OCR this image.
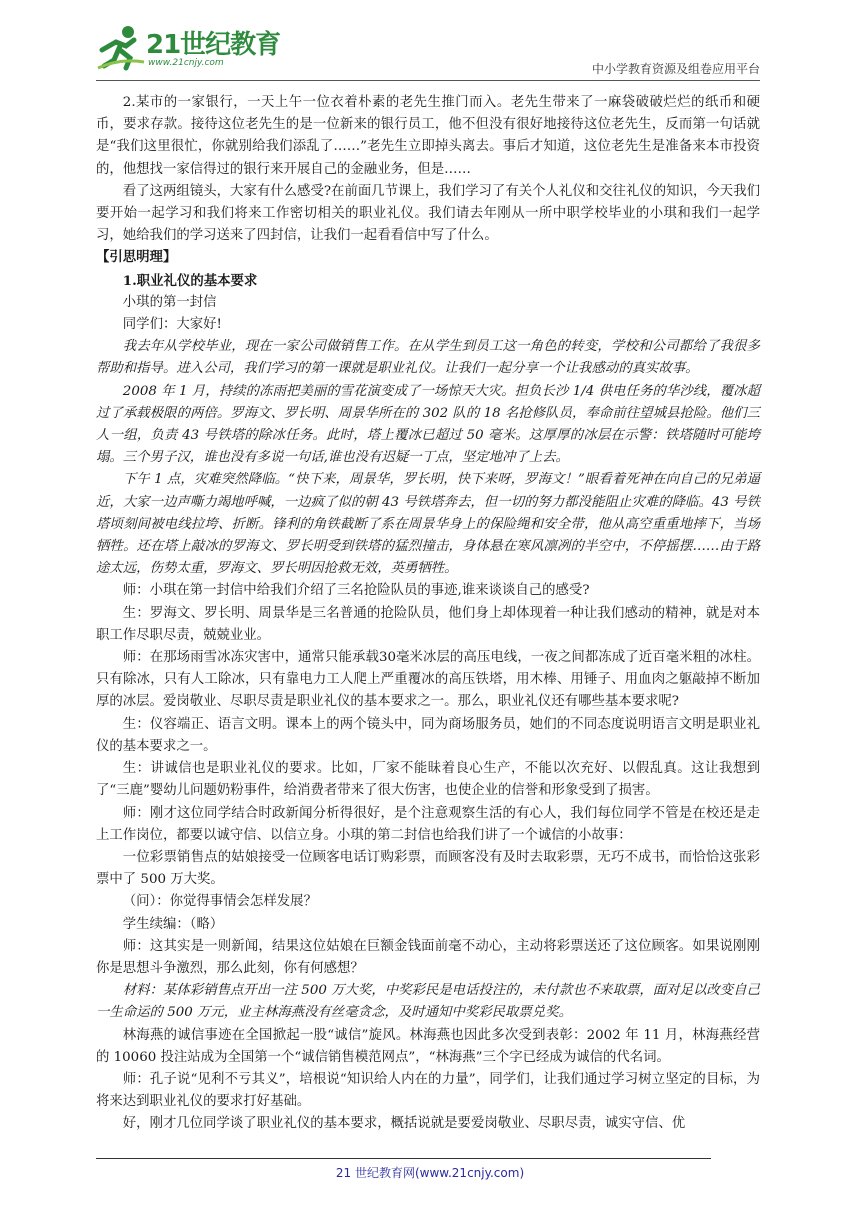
21世纪教育
www.21cnjy.com	中小学教育资源及组卷应用平台

2.某市的一家银行，一天上午一位衣着朴素的老先生推门而入。老先生带来了一麻袋破破烂烂的纸币和硬币，要求存款。接待这位老先生的是一位新来的银行员工，他不但没有很好地接待这位老先生，反而第一句话就是“我们这里很忙，你就别给我们添乱了……”老先生立即掉头离去。事后才知道，这位老先生是准备来本市投资的，他想找一家信得过的银行来开展自己的金融业务，但是……

看了这两组镜头，大家有什么感受?在前面几节课上，我们学习了有关个人礼仪和交往礼仪的知识，今天我们要开始一起学习和我们将来工作密切相关的职业礼仪。我们请去年刚从一所中职学校毕业的小琪和我们一起学习，她给我们的学习送来了四封信，让我们一起看看信中写了什么。

【引思明理】

1.职业礼仪的基本要求

小琪的第一封信

同学们：大家好!

我去年从学校毕业，现在一家公司做销售工作。在从学生到员工这一角色的转变，学校和公司都给了我很多帮助和指导。进入公司，我们学习的第一课就是职业礼仪。让我们一起分享一个让我感动的真实故事。

2008 年 1 月，持续的冻雨把美丽的雪花演变成了一场惊天大灾。担负长沙 1/4 供电任务的华沙线，覆冰超过了承载极限的两倍。罗海文、罗长明、周景华所在的 302 队的 18 名抢修队员，奉命前往望城县抢险。他们三人一组，负责 43 号铁塔的除冰任务。此时，塔上覆冰已超过 50 毫米。这厚厚的冰层在示警：铁塔随时可能垮塌。三个男子汉，谁也没有多说一句话,谁也没有迟疑一丁点，坚定地冲了上去。

下午 1 点，灾难突然降临。“快下来，周景华，罗长明，快下来呀，罗海文！”眼看着死神在向自己的兄弟逼近，大家一边声嘶力竭地呼喊，一边疯了似的朝 43 号铁塔奔去，但一切的努力都没能阻止灾难的降临。43 号铁塔顷刻间被电线拉垮、折断。锋利的角铁截断了系在周景华身上的保险绳和安全带，他从高空重重地摔下，当场牺牲。还在塔上敲冰的罗海文、罗长明受到铁塔的猛烈撞击，身体悬在寒风凛冽的半空中，不停摇摆……由于路途太远，伤势太重，罗海文、罗长明因抢救无效，英勇牺牲。

师：小琪在第一封信中给我们介绍了三名抢险队员的事迹,谁来谈谈自己的感受?

生：罗海文、罗长明、周景华是三名普通的抢险队员，他们身上却体现着一种让我们感动的精神，就是对本职工作尽职尽责，兢兢业业。

师：在那场雨雪冰冻灾害中，通常只能承载30毫米冰层的高压电线，一夜之间都冻成了近百毫米粗的冰柱。只有除冰，只有人工除冰，只有靠电力工人爬上严重覆冰的高压铁塔，用木棒、用锤子、用血肉之躯敲掉不断加厚的冰层。爱岗敬业、尽职尽责是职业礼仪的基本要求之一。那么，职业礼仪还有哪些基本要求呢?

生：仪容端正、语言文明。课本上的两个镜头中，同为商场服务员，她们的不同态度说明语言文明是职业礼仪的基本要求之一。

生：讲诚信也是职业礼仪的要求。比如，厂家不能昧着良心生产，不能以次充好、以假乱真。这让我想到了“三鹿”婴幼儿问题奶粉事件，给消费者带来了很大伤害，也使企业的信誉和形象受到了损害。

师：刚才这位同学结合时政新闻分析得很好，是个注意观察生活的有心人，我们每位同学不管是在校还是走上工作岗位，都要以诚守信、以信立身。小琪的第二封信也给我们讲了一个诚信的小故事：

一位彩票销售点的姑娘接受一位顾客电话订购彩票，而顾客没有及时去取彩票，无巧不成书，而恰恰这张彩票中了 500 万大奖。

（问）：你觉得事情会怎样发展？

学生续编：（略）

师：这其实是一则新闻，结果这位姑娘在巨额金钱面前毫不动心，主动将彩票送还了这位顾客。如果说刚刚你是思想斗争激烈，那么此刻，你有何感想？

材料：某体彩销售点开出一注 500 万大奖，中奖彩民是电话投注的，未付款也不来取票，面对足以改变自己一生命运的 500 万元，业主林海燕没有丝毫贪念，及时通知中奖彩民取票兑奖。

林海燕的诚信事迹在全国掀起一股“诚信”旋风。林海燕也因此多次受到表彰：2002 年 11 月，林海燕经营的 10060 投注站成为全国第一个“诚信销售模范网点”，“林海燕”三个字已经成为诚信的代名词。

师：孔子说“见利不亏其义”，培根说“知识给人内在的力量”，同学们，让我们通过学习树立坚定的目标，为将来达到职业礼仪的要求打好基础。

好，刚才几位同学谈了职业礼仪的基本要求，概括说就是要爱岗敬业、尽职尽责，诚实守信、优

21 世纪教育网(www.21cnjy.com)
